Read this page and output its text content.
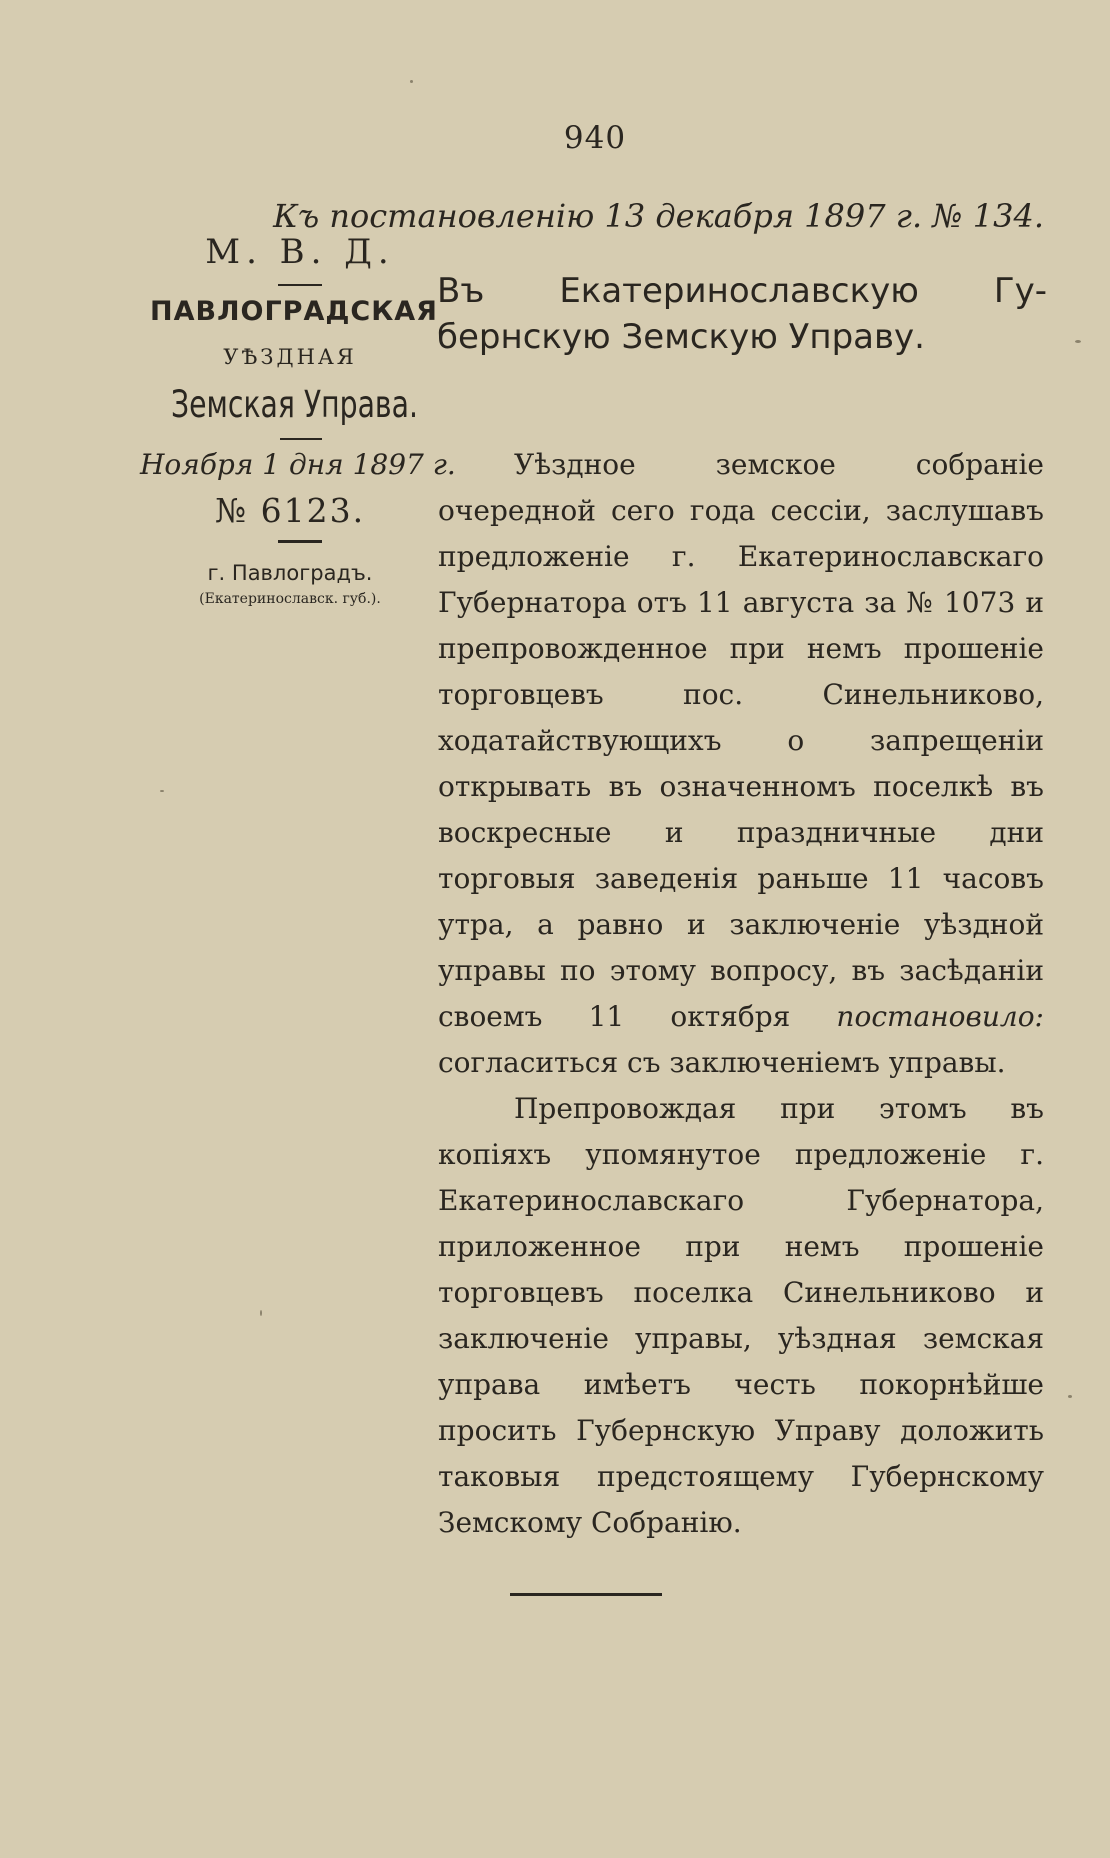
940
Къ постановленію 13 декабря 1897 г. № 134.
М. В. Д.
ПАВЛОГРАДСКАЯ
УѢЗДНАЯ
Земская Управа.
Ноября 1 дня 1897 г.
№ 6123.
г. Павлоградъ.
(Екатеринославск. губ.).
Въ Екатеринославскую Гу-
бернскую Земскую Управу.

Уѣздное земское собраніе очередной сего года сессіи, заслушавъ предложеніе г. Екатеринославскаго Губернатора отъ 11 августа за № 1073 и препровожденное при немъ прошеніе торговцевъ пос. Синельниково, ходатайствующихъ о запрещеніи открывать въ означенномъ поселкѣ въ воскресные и праздничные дни торговыя заведенія раньше 11 часовъ утра, а равно и заключеніе уѣздной управы по этому вопросу, въ засѣданіи своемъ 11 октября постановило: согласиться съ заключеніемъ управы.

Препровождая при этомъ въ копіяхъ упомянутое предложеніе г. Екатеринославскаго Губернатора, приложенное при немъ прошеніе торговцевъ поселка Синельниково и заключеніе управы, уѣздная земская управа имѣетъ честь покорнѣйше просить Губернскую Управу доложить таковыя предстоящему Губернскому Земскому Собранію.
